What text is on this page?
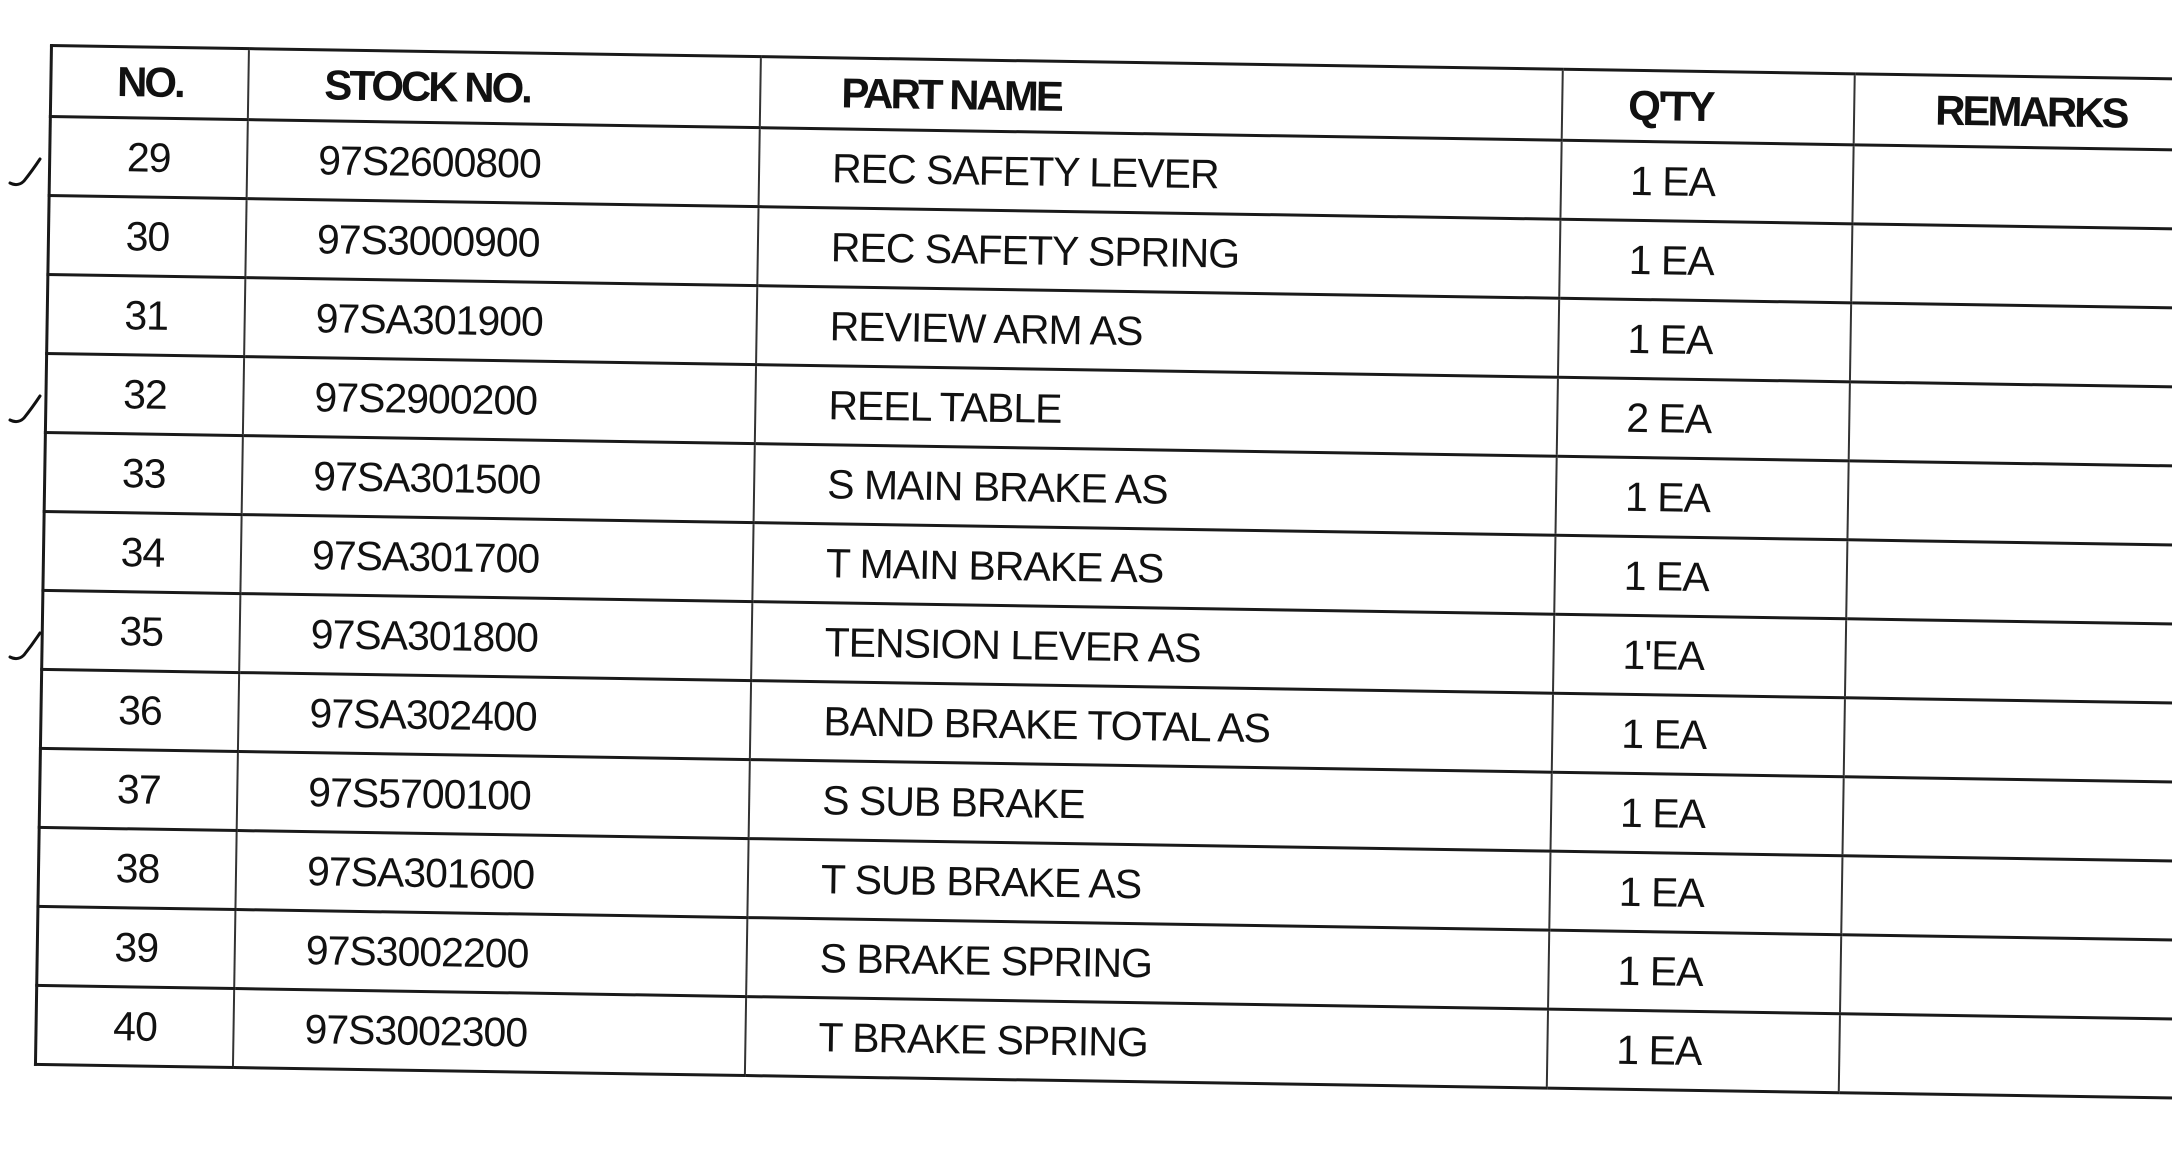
NO.	STOCK NO.	PART NAME	Q'TY	REMARKS
29	97S2600800	REC SAFETY LEVER	1 EA	
30	97S3000900	REC SAFETY SPRING	1 EA	
31	97SA301900	REVIEW ARM AS	1 EA	
32	97S2900200	REEL TABLE	2 EA	
33	97SA301500	S MAIN BRAKE AS	1 EA	
34	97SA301700	T MAIN BRAKE AS	1 EA	
35	97SA301800	TENSION LEVER AS	1'EA	
36	97SA302400	BAND BRAKE TOTAL AS	1 EA	
37	97S5700100	S SUB BRAKE	1 EA	
38	97SA301600	T SUB BRAKE AS	1 EA	
39	97S3002200	S BRAKE SPRING	1 EA	
40	97S3002300	T BRAKE SPRING	1 EA	
